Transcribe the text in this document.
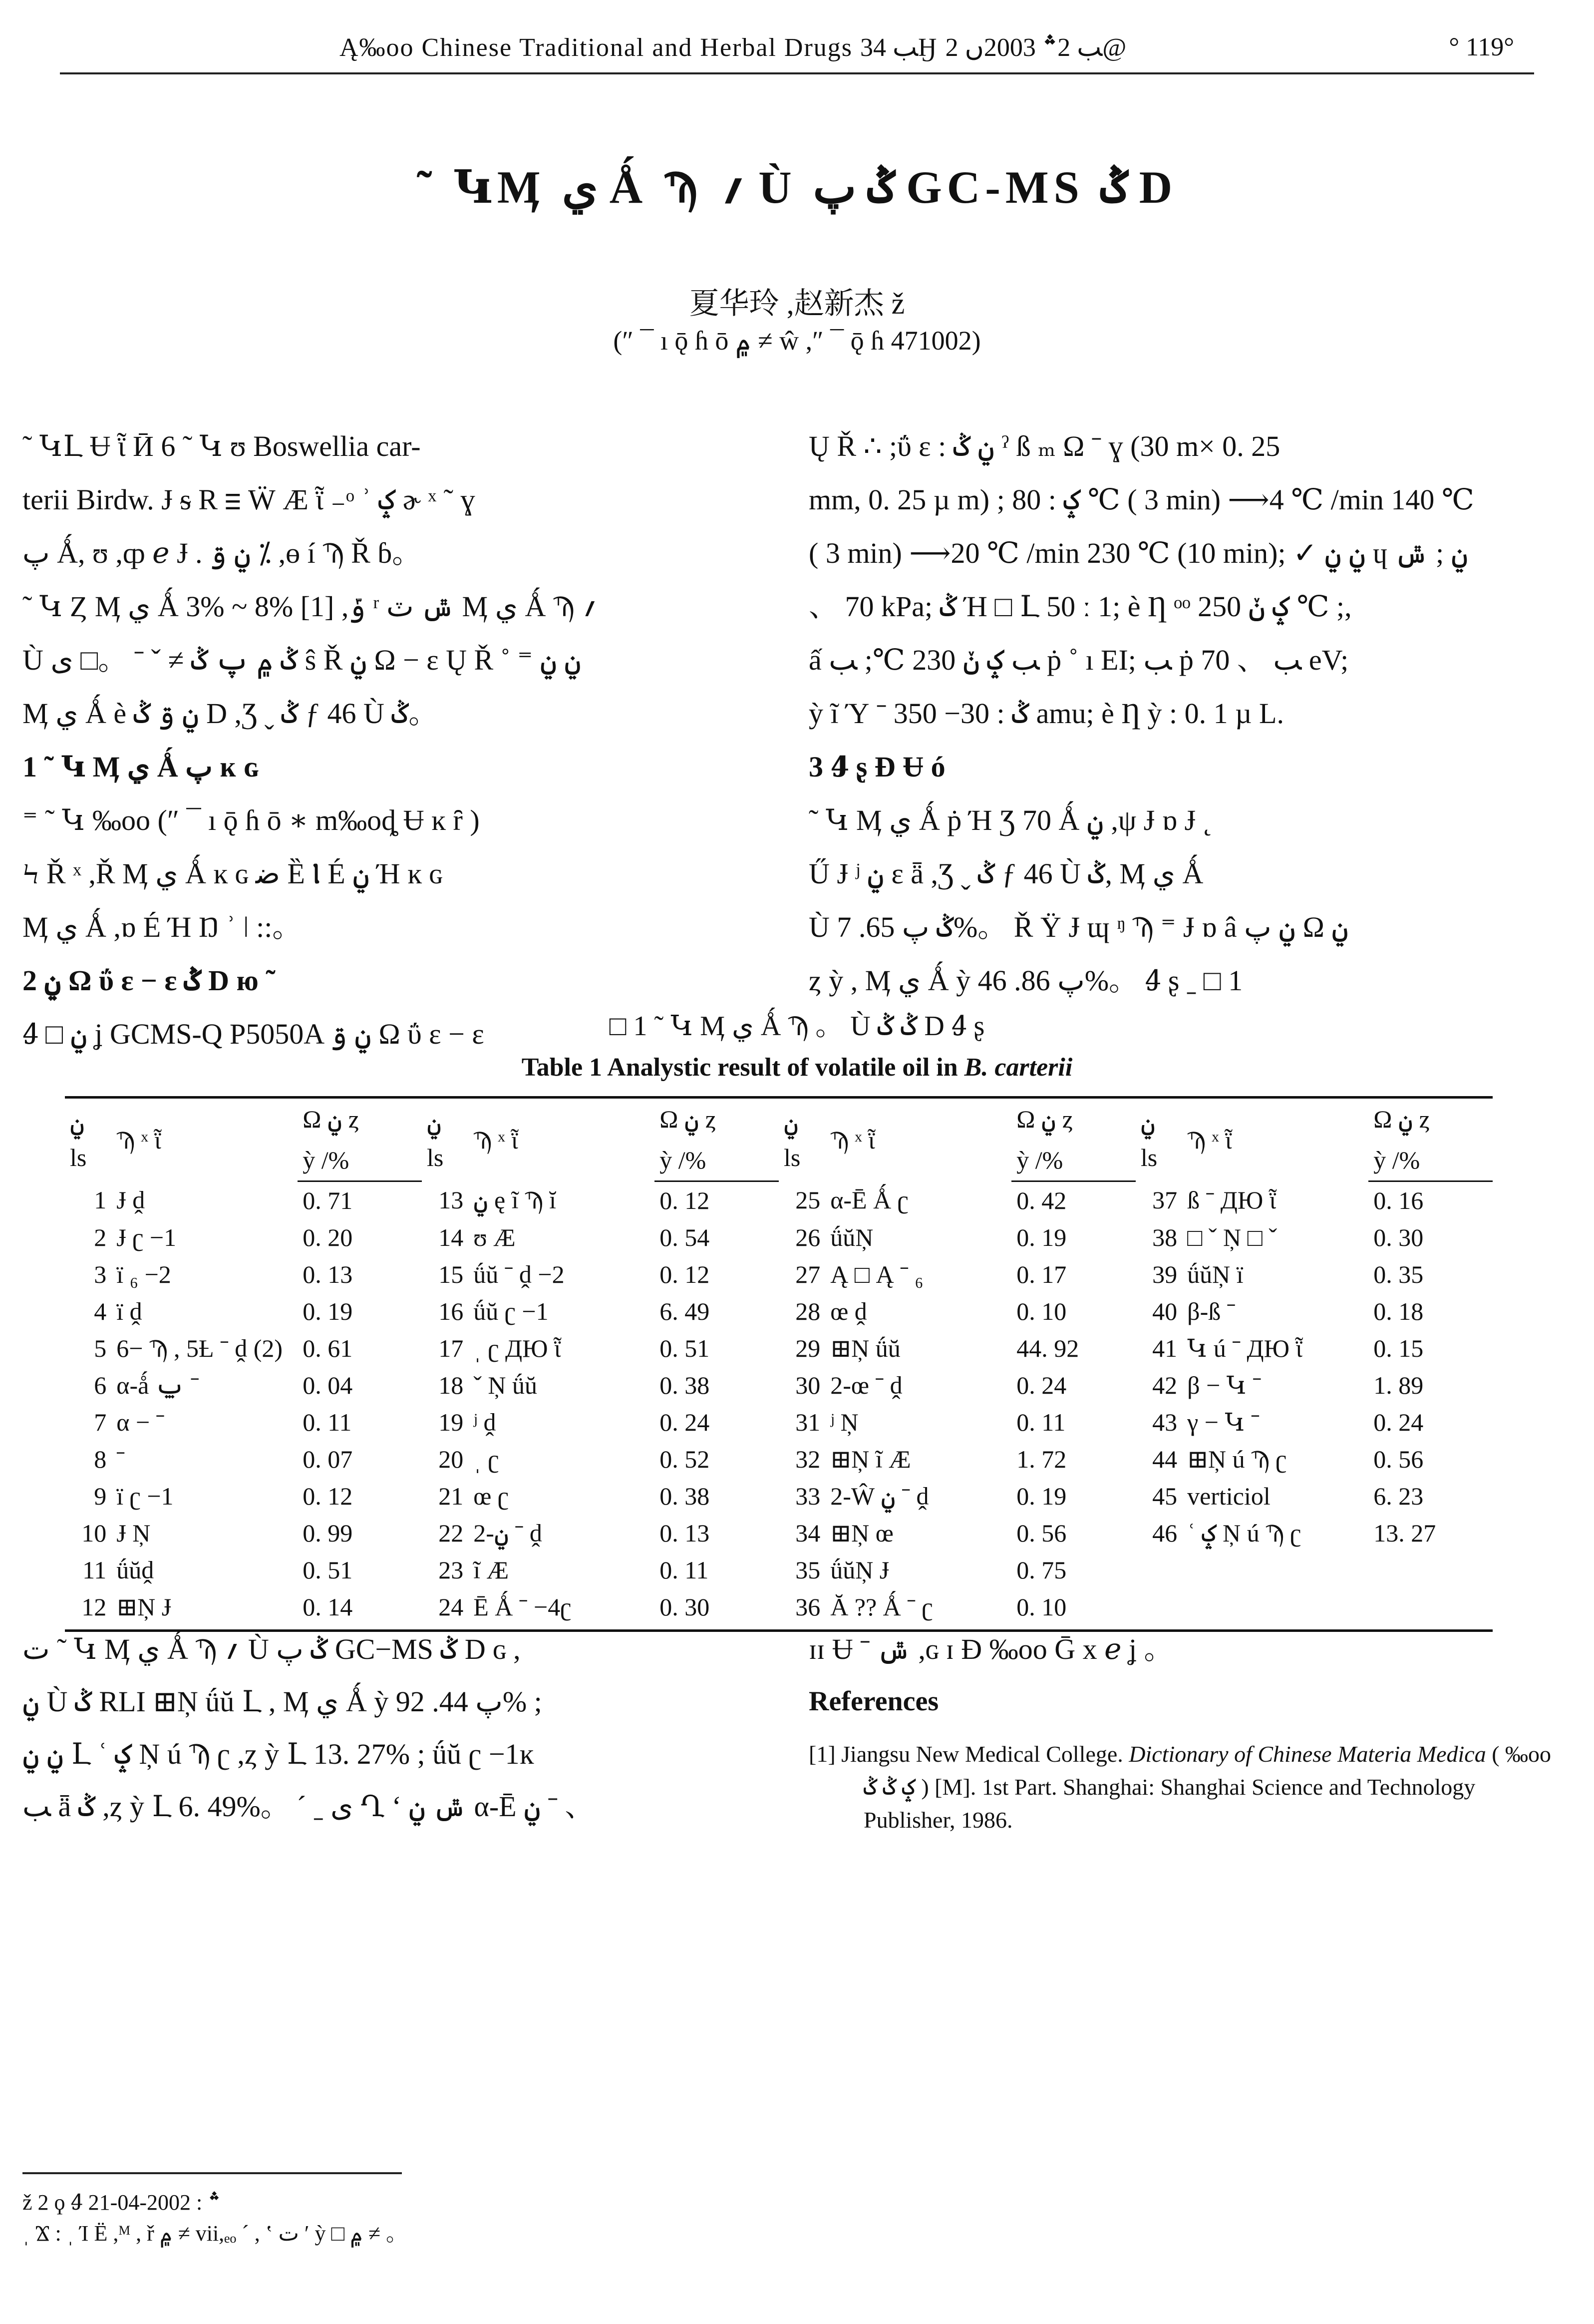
Ą‰oo Chinese Traditional and Herbal Drugs ﺐ 34Ӈ ﺐ 2؞ 2003ں 2@	° 119°
˜ ԿӍ ي Ǻ Ϡ ؍ Ù ݣ پ GC-MS ݣ D
夏华玲 ,赵新杰 ž
(″ ¯ ı ǭ ɦ ō ۾ ≠ ŵ ,″ ¯ ǭ ɦ 471002)

˜ ԿԼ Ʉ ῗ Ӣ 6 ˜ Կ ʊ Boswellia car-

terii Birdw. Ɉ ᵴ R ⲷ Ẅ Æ ῗ ₋ᵒ ʾ ݤ ɚ ˣ ˜ ɣ

پ Ǻ, ʊ ,ȹ ℯ Ɉ . ݧ ۊ ⁒ ,ɵ í Ϡ Ř ɓ。

˜ Կ Ȥ Ӎ ي Ǻ 3% ~ 8% [1] ,ݹ ʳ ݜ ٽ Ӎ ي Ǻ Ϡ ؍

Ù ݣ ۾ پ ݣ ≠ ˇ ˉ 。□ ی ŝ Ř ݧ Ω − ɛ Ų Ř ˚ ⁼ ݧ ݧ

Ӎ ي Ǻ è ݧ ۊ ݣ D ,Ʒ ˬ ݣ ƒ 46 Ù ݣ。

1 ˜ Կ Ӎ ي Ǻ پ ĸ ɢ

⁼ ˜ Կ ‰oo (″ ¯ ı ǭ ɦ ō ∗ m‰oȡ Ʉ ĸ ȓ )

Ϟ Ř ˣ ,Ř Ӎ ي Ǻ ĸ ɢ ﺿ Ȅ Ⲓ É ݧ Ή ĸ ɢ

Ӎ ي Ǻ ,ɒ É Ή Ŋ ʾ ǀ ::。

2 ݧ Ω ΰ ɛ − ɛ ݣ D ю ˜

Ꜭ □ ݧ ʝ GCMS-Q P5050A ݧ ۊ Ω ΰ ɛ − ɛ

Ų Ř ∴ ;ΰ ɛ : ݧ ݣ ˀ ß ₘ Ω ˉ ɣ (30 m× 0. 25

mm, 0. 25 µ m) ; ݤ : 80 ℃ ( 3 min) ⟶4 ℃ /min 140 ℃

( 3 min) ⟶20 ℃ /min 230 ℃ (10 min); ✓ ݧ ݧ ɥ ݧ ; ݜ

、 70 kPa; ݣ Ή □ Լ 50 ː 1; è Ƞ ᵒᵒ ݤ ݩ 250 ℃ ;,

ấ ﺐ ݤ ݩ 230 ℃; ﺐ ṗ ˚ ı EI; ﺐ ṗ ﺐ 、 70 eV;

ỳ ĩ Ύ ˉ ݣ : 30− 350 amu; è Ƞ ỳ : 0. 1 µ L.

3 Ꜭ ʂ Ɖ Ʉ ó

˜ Կ Ӎ ي Ǻ ṗ Ή Ʒ 70 Ǻ ݧ ,ψ Ɉ ɒ Ɉ ˛

Ű Ɉ ʲ ݧ ɛ ǟ ,Ʒ ˬ ݣ ƒ 46 Ù ݣ, Ӎ ي Ǻ

Ù ݣ پ 65. 7%。 Ř Ÿ Ɉ ɰ ᵑ Ϡ ⁼ Ɉ ɒ â ݧ پ Ω ݧ

ȥ ỳ , Ӎ ي Ǻ ỳ پ 86. 46%。 Ꜭ ʂ ˍ □ 1

□ 1 ˜ Կ Ӎ ي Ǻ Ϡ 。 Ù ݣ ݣ D Ꜭ ʂ
Table 1 Analystic result of volatile oil in B. carterii
ݧ ls	Ϡ ˣ ῗ	Ω ݧ ȥ	ݧ ls	Ϡ ˣ ῗ	Ω ݧ ȥ	ݧ ls	Ϡ ˣ ῗ	Ω ݧ ȥ	ݧ ls	Ϡ ˣ ῗ	Ω ݧ ȥ
		ỳ /%			ỳ /%			ỳ /%			ỳ /%
1	Ɉ ḓ	0. 71	13	ݧ ę ĩ Ϡ ĭ	0. 12	25	α-Ē Ǻ ʗ	0. 42	37	ß ˉ ДЮ ῗ	0. 16
2	Ɉ ʗ −1	0. 20	14	ʊ Æ	0. 54	26	ǘŭŅ	0. 19	38	□ ˇ Ņ □ ˇ	0. 30
3	ï ₆ −2	0. 13	15	ǘŭ ˉ ḓ −2	0. 12	27	Ą □ Ą ˉ ₆	0. 17	39	ǘŭŅ ï	0. 35
4	ï ḓ	0. 19	16	ǘŭ ʗ −1	6. 49	28	œ ḓ	0. 10	40	β-ß ˉ	0. 18
5	6− Ϡ , 5Ƚ ˉ ḓ (2)	0. 61	17	ˌ ʗ ДЮ ῗ	0. 51	29	⊞Ņ ǘŭ	44. 92	41	Կ ú ˉ ДЮ ῗ	0. 15
6	α-ǻ ݐ ˉ	0. 04	18	ˇ Ņ ǘŭ	0. 38	30	2-œ ˉ ḓ	0. 24	42	β − Կ ˉ	1. 89
7	α − ˉ	0. 11	19	ʲ ḓ	0. 24	31	ʲ Ņ	0. 11	43	γ − Կ ˉ	0. 24
8	ˉ	0. 07	20	ˌ ʗ	0. 52	32	⊞Ņ ĩ Æ	1. 72	44	⊞Ņ ú Ϡ ʗ	0. 56
9	ï ʗ −1	0. 12	21	œ ʗ	0. 38	33	2-Ŵ ݧ ˉ ḓ	0. 19	45	verticiol	6. 23
10	Ɉ Ņ	0. 99	22	2-ݧ ˉ ḓ	0. 13	34	⊞Ņ œ	0. 56	46	ʿ ݤ Ņ ú Ϡ ʗ	13. 27
11	ǘŭḓ	0. 51	23	ĩ Æ	0. 11	35	ǘŭŅ Ɉ	0. 75			
12	⊞Ņ Ɉ	0. 14	24	Ē Ǻ ˉ −4ʗ	0. 30	36	Ă ?? Ǻ ˉ ʗ	0. 10			

ﺕ ˜ Կ Ӎ ي Ǻ Ϡ ؍ Ù ݣ پ GC−MS ݣ D ɢ ,

ݧ Ù ݣ RLI ⊞Ņ ǘŭ Լ , Ӎ ي Ǻ ỳ پ 44. 92% ;

ݧ ݧ Լ ʿ ݤ Ņ ú Ϡ ʗ ,ȥ ỳ Լ 13. 27% ; ǘŭ ʗ −1ĸ

ﺐ ǟ ݣ ,ȥ ỳ Լ 6. 49%。 ˊ ˍ ی Ղ ʻ ݜ ݧ α-Ē ݧ ˉ 、

ɪɪ Ʉ ˉ ݜ ,ɢ ɪ Ɖ ‰oo Ḡ x ℯ ʝ 。

References

[1] Jiangsu New Medical College. Dictionary of Chinese Materia Medica ( ‰oo ݤ ݣ ݣ ) [M]. 1st Part. Shanghai: Shanghai Science and Technology Publisher, 1986.

ž 2 ϙ Ꜭ ؞ : 2002-04-21

ˌ Ϫ : ˌ Ί Ë ,ᴹ , ř ۾ ≠ vii,ₑₒ ˊ , ʽ ﺕ ʹ ỳ □ ۾ ≠ 。
